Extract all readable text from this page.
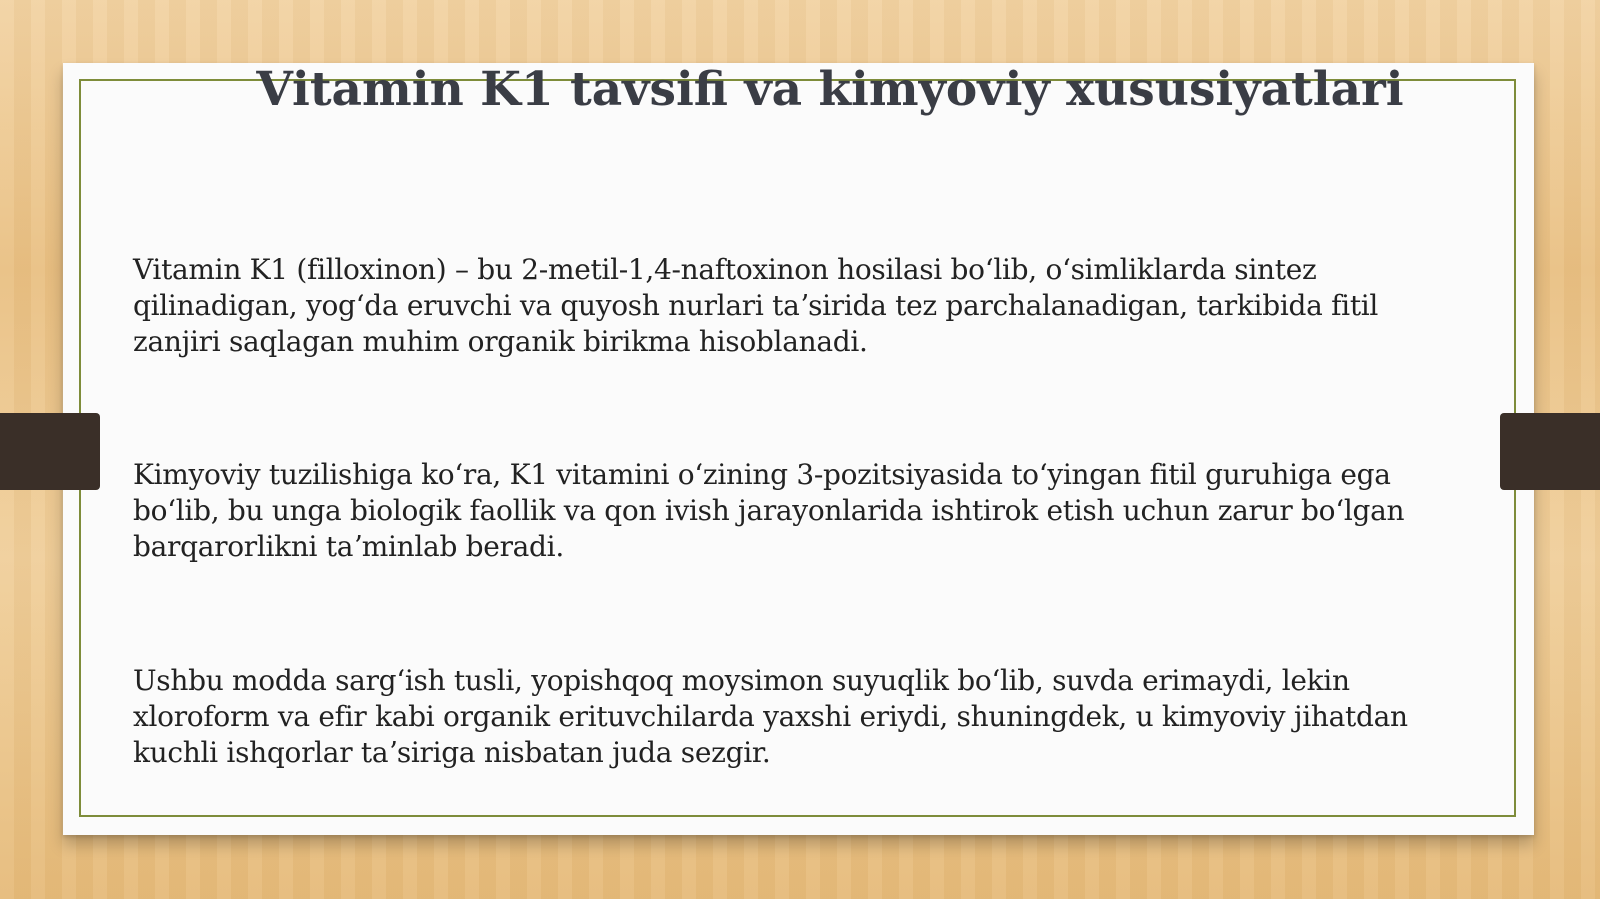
Vitamin K1 tavsifi va kimyoviy xususiyatlari

Vitamin K1 (filloxinon) – bu 2-metil-1,4-naftoxinon hosilasi boʻlib, oʻsimliklarda sintez qilinadigan, yogʻda eruvchi va quyosh nurlari taʼsirida tez parchalanadigan, tarkibida fitil zanjiri saqlagan muhim organik birikma hisoblanadi.

Kimyoviy tuzilishiga koʻra, K1 vitamini oʻzining 3-pozitsiyasida toʻyingan fitil guruhiga ega boʻlib, bu unga biologik faollik va qon ivish jarayonlarida ishtirok etish uchun zarur boʻlgan barqarorlikni taʼminlab beradi.

Ushbu modda sargʻish tusli, yopishqoq moysimon suyuqlik boʻlib, suvda erimaydi, lekin xloroform va efir kabi organik erituvchilarda yaxshi eriydi, shuningdek, u kimyoviy jihatdan kuchli ishqorlar taʼsiriga nisbatan juda sezgir.
